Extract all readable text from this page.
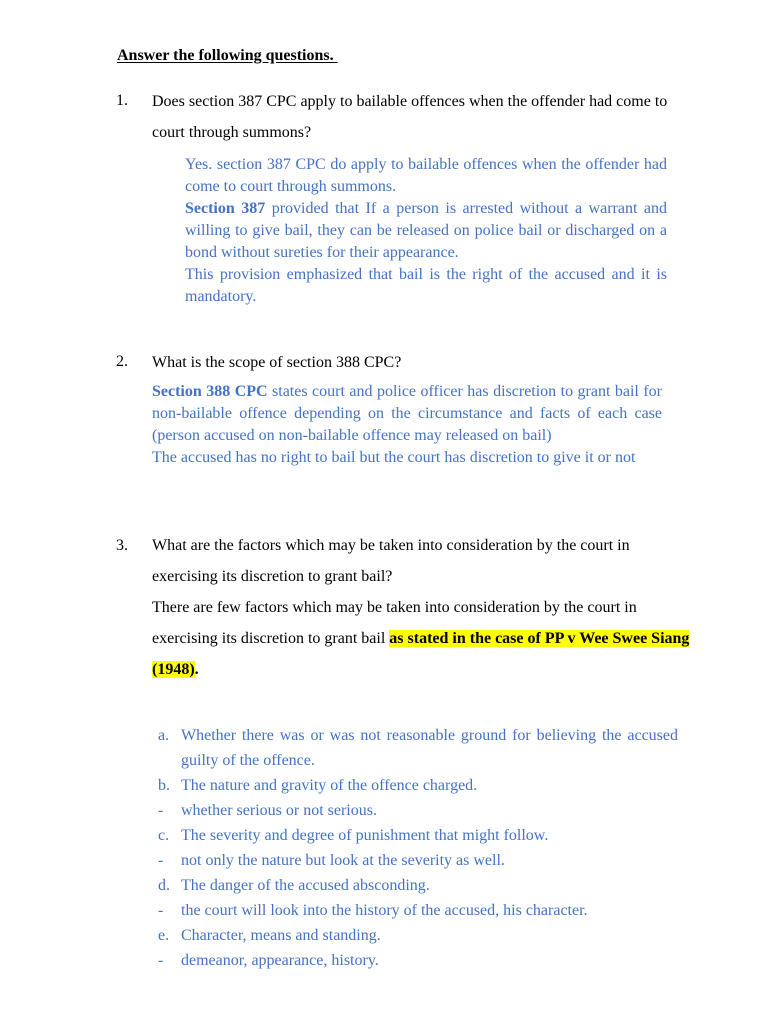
Answer the following questions.
1. Does section 387 CPC apply to bailable offences when the offender had come to court through summons?
Yes. section 387 CPC do apply to bailable offences when the offender had come to court through summons.
Section 387 provided that If a person is arrested without a warrant and willing to give bail, they can be released on police bail or discharged on a bond without sureties for their appearance.
This provision emphasized that bail is the right of the accused and it is mandatory.
2. What is the scope of section 388 CPC?
Section 388 CPC states court and police officer has discretion to grant bail for non-bailable offence depending on the circumstance and facts of each case (person accused on non-bailable offence may released on bail)
The accused has no right to bail but the court has discretion to give it or not
3. What are the factors which may be taken into consideration by the court in exercising its discretion to grant bail?
There are few factors which may be taken into consideration by the court in exercising its discretion to grant bail as stated in the case of PP v Wee Swee Siang (1948).
a. Whether there was or was not reasonable ground for believing the accused guilty of the offence.
b. The nature and gravity of the offence charged.
-	whether serious or not serious.
c. The severity and degree of punishment that might follow.
-	not only the nature but look at the severity as well.
d. The danger of the accused absconding.
-	the court will look into the history of the accused, his character.
e. Character, means and standing.
-	demeanor, appearance, history.
